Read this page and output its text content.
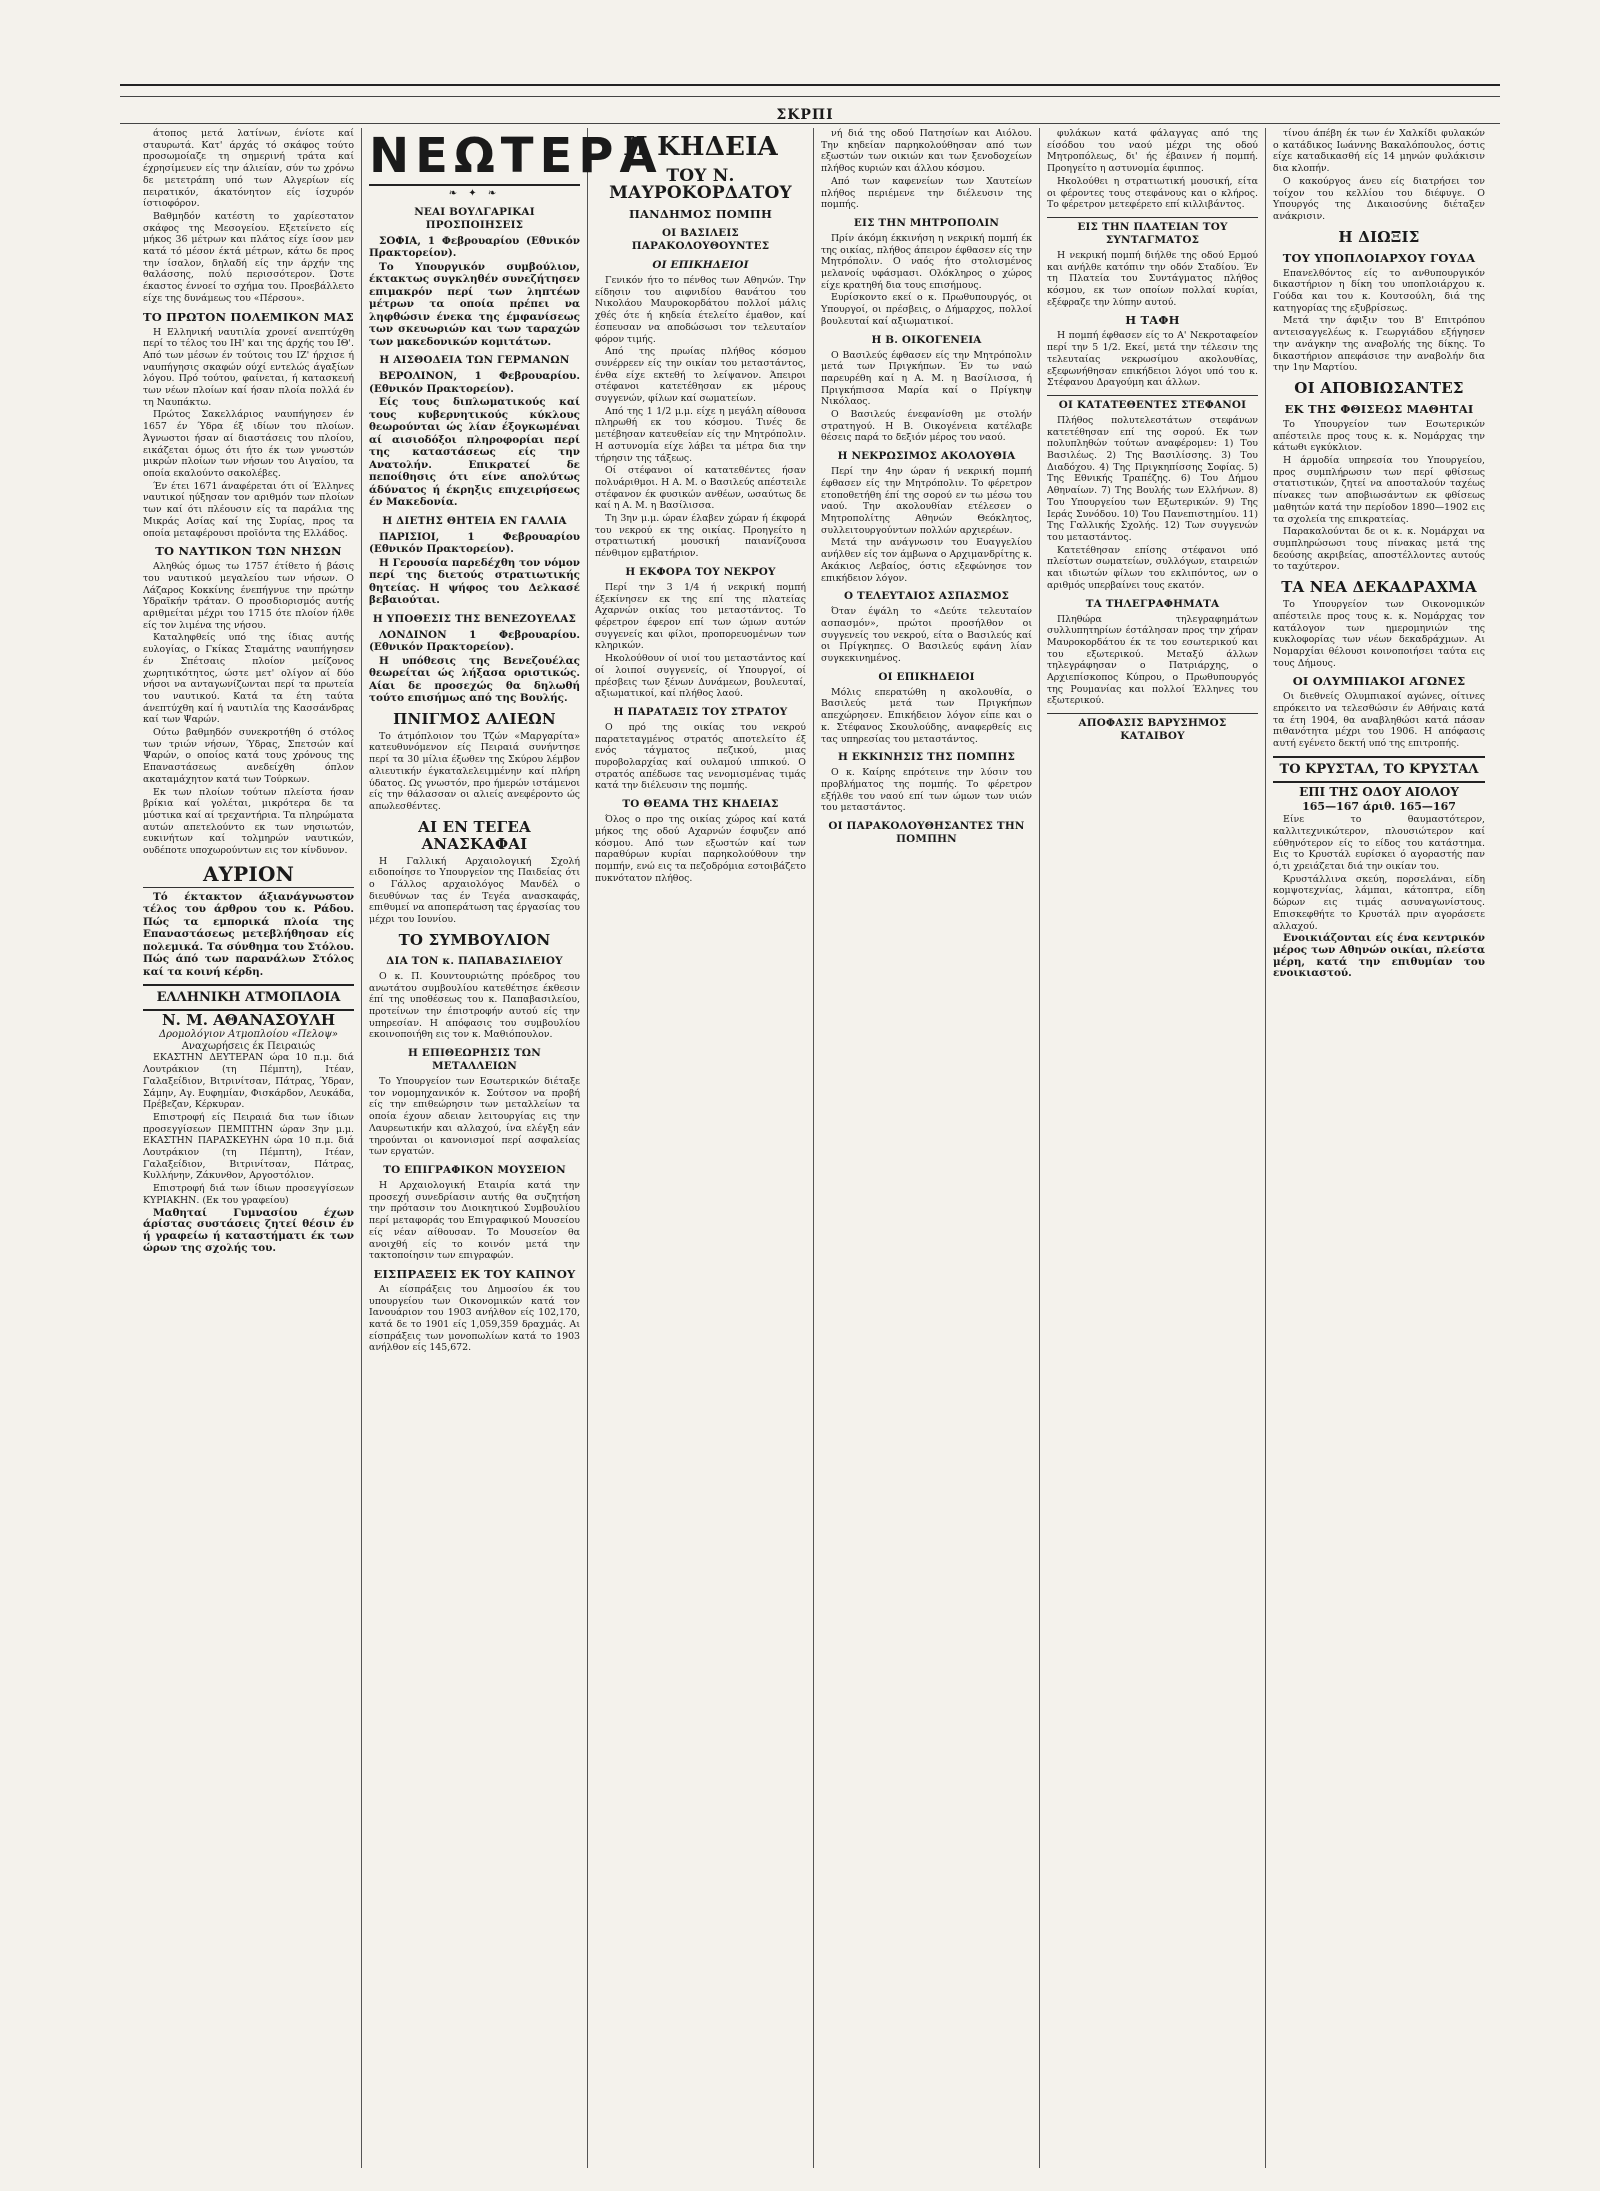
ΣΚΡΠΙ

άτοπος μετά λατίνων, ένίοτε καί σταυρωτά. Κατ' άρχάς τό σκάφος τούτο προσωμοίαζε τη σημερινή τράτα καί έχρησίμευεν είς την άλιείαν, σύν τω χρόνω δε μετετράπη υπό των Αλγερίων είς πειρατικόν, άκατόνητον είς ίσχυρόν ίστιοφόρον.

Βαθμηδόν κατέστη το χαρίεστατον σκάφος της Μεσογείου. Εξετείνετο είς μήκος 36 μέτρων και πλάτος είχε ίσον μεν κατά τό μέσον έκτά μέτρων, κάτω δε προς την ίσαλον, δηλαδή είς την άρχήν της θαλάσσης, πολύ περισσότερον. Ώστε έκαστος έννοεί το σχήμα του. Προεβάλλετο είχε της δυνάμεως του «Πέρσου».

ΤΟ ΠΡΩΤΟΝ ΠΟΛΕΜΙΚΟΝ ΜΑΣ

Η Ελληνική ναυτιλία χρονεί ανεπτύχθη περί το τέλος του ΙΗ' και της άρχής του ΙΘ'. Από των μέσων έν τούτοις του ΙΖ' ήρχισε ή ναυπήγησις σκαφών ούχί εντελώς άγαξίων λόγου. Πρό τούτου, φαίνεται, ή κατασκευή των νέων πλοίων καί ήσαν πλοία πολλά έν τη Ναυπάκτω.

Πρώτος Σακελλάριος ναυπήγησεν έν 1657 έν Ύδρα έξ ιδίων του πλοίων. Άγνωστοι ήσαν αί διαστάσεις του πλοίου, εικάζεται όμως ότι ήτο έκ των γνωστών μικρών πλοίων των νήσων του Αιγαίου, τα οποία εκαλούντο σακολέβες.

Έν έτει 1671 άναφέρεται ότι οί Έλληνες ναυτικοί ηύξησαν τον αριθμόν των πλοίων των καί ότι πλέουσιν είς τα παράλια της Μικράς Ασίας καί της Συρίας, προς τα οποία μεταφέρουσι προϊόντα της Ελλάδος.

ΤΟ ΝΑΥΤΙΚΟΝ ΤΩΝ ΝΗΣΩΝ

Αληθώς όμως τω 1757 έτίθετο ή βάσις του ναυτικού μεγαλείου των νήσων. Ο Λάζαρος Κοκκίνης ένεπήγνυε την πρώτην Υδραϊκήν τράταν. Ο προσδιορισμός αυτής αριθμείται μέχρι του 1715 ότε πλοίον ήλθε είς τον λιμένα της νήσου.

Καταληφθείς υπό της ίδιας αυτής ευλογίας, ο Γκίκας Σταμάτης ναυπήγησεν έν Σπέτσαις πλοίον μείζονος χωρητικότητος, ώστε μετ' ολίγον αί δύο νήσοι να ανταγωνίζωνται περί τα πρωτεία του ναυτικού. Κατά τα έτη ταύτα άνεπτύχθη καί ή ναυτιλία της Κασσάνδρας καί των Ψαρών.

Ούτω βαθμηδόν συνεκροτήθη ό στόλος των τριών νήσων, Ύδρας, Σπετσών καί Ψαρών, ο οποίος κατά τους χρόνους της Επαναστάσεως ανεδείχθη όπλον ακαταμάχητον κατά των Τούρκων.

Εκ των πλοίων τούτων πλείστα ήσαν βρίκια καί γολέται, μικρότερα δε τα μύστικα καί αί τρεχαντήρια. Τα πληρώματα αυτών απετελούντο εκ των νησιωτών, ευκινήτων καί τολμηρών ναυτικών, ουδέποτε υποχωρούντων εις τον κίνδυνον.

ΑΥΡΙΟΝ

Τό έκτακτον άξιανάγνωστον τέλος του άρθρου του κ. Ράδου. Πώς τα εμπορικά πλοία της Επαναστάσεως μετεβλήθησαν είς πολεμικά. Τα σύνθημα του Στόλου. Πώς άπό των παρανάλων Στόλος καί τα κοινή κέρδη.

ΕΛΛΗΝΙΚΗ ΑΤΜΟΠΛΟΙΑ
Ν. Μ. ΑΘΑΝΑΣΟΥΛΗ
Δρομολόγιον Ατμοπλοίου «Πελοψ»
Αναχωρήσεις έκ Πειραιώς

ΕΚΑΣΤΗΝ ΔΕΥΤΕΡΑΝ ώρα 10 π.μ. διά Λουτράκιον (τη Πέμπτη), Ιτέαν, Γαλαξείδιον, Βιτρινίτσαν, Πάτρας, Ύδραν, Σάμην, Αγ. Ευφημίαν, Φισκάρδον, Λευκάδα, Πρέβεζαν, Κέρκυραν.

Επιστροφή είς Πειραιά δια των ίδιων προσεγγίσεων ΠΕΜΠΤΗΝ ώραν 3ην μ.μ. ΕΚΑΣΤΗΝ ΠΑΡΑΣΚΕΥΗΝ ώρα 10 π.μ. διά Λουτράκιον (τη Πέμπτη), Ιτέαν, Γαλαξείδιον, Βιτρινίτσαν, Πάτρας, Κυλλήνην, Ζάκυνθον, Αργοστόλιον.

Επιστροφή διά των ίδιων προσεγγίσεων ΚΥΡΙΑΚΗΝ. (Εκ του γραφείου)

Μαθηταί Γυμνασίου έχων άρίστας συστάσεις ζητεί θέσιν έν ή γραφείω ή καταστήματι έκ των ώρων της σχολής του.

ΝΕΩΤΕΡΑ
❧ ✦ ❧
ΝΕΑΙ ΒΟΥΛΓΑΡΙΚΑΙ ΠΡΟΣΠΟΙΗΣΕΙΣ

ΣΟΦΙΑ, 1 Φεβρουαρίου (Εθνικόν Πρακτορείον).

Το Υπουργικόν συμβούλιον, έκτακτως συγκληθέν συνεζήτησεν επιμακρόν περί των ληπτέων μέτρων τα οποία πρέπει να ληφθώσιν ένεκα της έμφανίσεως των σκευωριών και των ταραχών των μακεδονικών κομιτάτων.

Η ΑΙΣΘΟΔΕΙΑ ΤΩΝ ΓΕΡΜΑΝΩΝ

ΒΕΡΟΛΙΝΟΝ, 1 Φεβρουαρίου. (Εθνικόν Πρακτορείον).

Είς τους διπλωματικούς καί τους κυβερνητικούς κύκλους θεωρούνται ώς λίαν έξογκωμέναι αί αισιοδόξοι πληροφορίαι περί της καταστάσεως είς την Ανατολήν. Επικρατεί δε πεποίθησις ότι είνε απολύτως άδύνατος ή έκρηξις επιχειρήσεως έν Μακεδονία.

Η ΔΙΕΤΗΣ ΘΗΤΕΙΑ ΕΝ ΓΑΛΛΙΑ

ΠΑΡΙΣΙΟΙ, 1 Φεβρουαρίου (Εθνικόν Πρακτορείον).

Η Γερουσία παρεδέχθη τον νόμον περί της διετούς στρατιωτικής θητείας. Η ψήφος του Δελκασέ βεβαιούται.

Η ΥΠΟΘΕΣΙΣ ΤΗΣ ΒΕΝΕΖΟΥΕΛΑΣ

ΛΟΝΔΙΝΟΝ 1 Φεβρουαρίου. (Εθνικόν Πρακτορείον).

Η υπόθεσις της Βενεζουέλας θεωρείται ώς λήξασα οριστικώς. Αίαι δε προσεχώς θα δηλωθή τούτο επισήμως από της Βουλής.

ΠΝΙΓΜΟΣ ΑΛΙΕΩΝ

Το άτμόπλοιον του Τζών «Μαργαρίτα» κατευθυνόμενον είς Πειραιά συνήντησε περί τα 30 μίλια έξωθεν της Σκύρου λέμβον αλιευτικήν έγκαταλελειμμένην καί πλήρη ύδατος. Ως γνωστόν, προ ήμερών ιστάμενοι είς την θάλασσαν οι αλιείς ανεφέροντο ώς απωλεσθέντες.

ΑΙ ΕΝ ΤΕΓΕΑ ΑΝΑΣΚΑΦΑΙ

Η Γαλλική Αρχαιολογική Σχολή ειδοποίησε το Υπουργείον της Παιδείας ότι ο Γάλλος αρχαιολόγος Μανδέλ ο διευθύνων τας έν Τεγέα ανασκαφάς, επιθυμεί να αποπεράτωση τας έργασίας του μέχρι του Ιουνίου.

ΤΟ ΣΥΜΒΟΥΛΙΟΝ
ΔΙΑ ΤΟΝ κ. ΠΑΠΑΒΑΣΙΛΕΙΟΥ

Ο κ. Π. Κουντουριώτης πρόεδρος του ανωτάτου συμβουλίου κατεθέτησε έκθεσιν έπί της υποθέσεως του κ. Παπαβασιλείου, προτείνων την έπιστροφήν αυτού είς την υπηρεσίαν. Η απόφασις του συμβουλίου εκοινοποιήθη εις τον κ. Μαθιόπουλον.

Η ΕΠΙΘΕΩΡΗΣΙΣ ΤΩΝ ΜΕΤΑΛΛΕΙΩΝ

Το Υπουργείον των Εσωτερικών διέταξε τον νομομηχανικόν κ. Σούτσον να προβή είς την επιθεώρησιν των μεταλλείων τα οποία έχουν αδειαν λειτουργίας εις την Λαυρεωτικήν και αλλαχού, ίνα ελέγξη εάν τηρούνται οι κανονισμοί περί ασφαλείας των εργατών.

ΤΟ ΕΠΙΓΡΑΦΙΚΟΝ ΜΟΥΣΕΙΟΝ

Η Αρχαιολογική Εταιρία κατά την προσεχή συνεδρίασιν αυτής θα συζητήση την πρότασιν του Διοικητικού Συμβουλίου περί μεταφοράς του Επιγραφικού Μουσείου είς νέαν αίθουσαν. Το Μουσείον θα ανοιχθή είς το κοινόν μετά την τακτοποίησιν των επιγραφών.

ΕΙΣΠΡΑΞΕΙΣ ΕΚ ΤΟΥ ΚΑΠΝΟΥ

Αι είσπράξεις του Δημοσίου έκ του υπουργείου των Οικονομικών κατά τον Ιανουάριον του 1903 ανήλθον είς 102,170, κατά δε το 1901 είς 1,059,359 δραχμάς. Αι είσπράξεις των μονοπωλίων κατά το 1903 ανήλθον είς 145,672.

Η ΚΗΔΕΙΑ
ΤΟΥ Ν. ΜΑΥΡΟΚΟΡΔΑΤΟΥ
ΠΑΝΔΗΜΟΣ ΠΟΜΠΗ
ΟΙ ΒΑΣΙΛΕΙΣ ΠΑΡΑΚΟΛΟΥΘΟΥΝΤΕΣ
ΟΙ ΕΠΙΚΗΔΕΙΟΙ

Γενικόν ήτο το πένθος των Αθηνών. Την είδησιν του αιφνιδίου θανάτου του Νικολάου Μαυροκορδάτου πολλοί μάλις χθές ότε ή κηδεία έτελείτο έμαθον, καί έσπευσαν να αποδώσωσι τον τελευταίον φόρον τιμής.

Από της πρωίας πλήθος κόσμου συνέρρεεν είς την οικίαν του μεταστάντος, ένθα είχε εκτεθή το λείψανον. Άπειροι στέφανοι κατετέθησαν εκ μέρους συγγενών, φίλων καί σωματείων.

Από της 1 1/2 μ.μ. είχε η μεγάλη αίθουσα πληρωθή εκ του κόσμου. Τινές δε μετέβησαν κατευθείαν είς την Μητρόπολιν. Η αστυνομία είχε λάβει τα μέτρα δια την τήρησιν της τάξεως.

Οί στέφανοι οί κατατεθέντες ήσαν πολυάριθμοι. Η Α. Μ. ο Βασιλεύς απέστειλε στέφανον έκ φυσικών ανθέων, ωσαύτως δε καί η Α. Μ. η Βασίλισσα.

Τη 3ην μ.μ. ώραν έλαβεν χώραν ή έκφορά του νεκρού εκ της οικίας. Προηγείτο η στρατιωτική μουσική παιανίζουσα πένθιμον εμβατήριον.

Η ΕΚΦΟΡΑ ΤΟΥ ΝΕΚΡΟΥ

Περί την 3 1/4 ή νεκρική πομπή έξεκίνησεν εκ της επί της πλατείας Αχαρνών οικίας του μεταστάντος. Το φέρετρον έφερον επί των ώμων αυτών συγγενείς και φίλοι, προπορευομένων των κληρικών.

Ηκολούθουν οί υιοί του μεταστάντος καί οί λοιποί συγγενείς, οί Υπουργοί, οί πρέσβεις των ξένων Δυνάμεων, βουλευταί, αξιωματικοί, καί πλήθος λαού.

Η ΠΑΡΑΤΑΞΙΣ ΤΟΥ ΣΤΡΑΤΟΥ

Ο πρό της οικίας του νεκρού παρατεταγμένος στρατός αποτελείτο έξ ενός τάγματος πεζικού, μιας πυροβολαρχίας καί ουλαμού ιππικού. Ο στρατός απέδωσε τας νενομισμένας τιμάς κατά την διέλευσιν της πομπής.

ΤΟ ΘΕΑΜΑ ΤΗΣ ΚΗΔΕΙΑΣ

Όλος ο προ της οικίας χώρος καί κατά μήκος της οδού Αχαρνών έσφυζεν από κόσμου. Από των εξωστών καί των παραθύρων κυρίαι παρηκολούθουν την πομπήν, ενώ εις τα πεζοδρόμια εστοιβάζετο πυκνότατον πλήθος.

νή διά της οδού Πατησίων και Αιόλου. Την κηδείαν παρηκολούθησαν από των εξωστών των οικιών και των ξενοδοχείων πλήθος κυριών και άλλου κόσμου.

Από των καφενείων των Χαυτείων πλήθος περιέμενε την διέλευσιν της πομπής.

ΕΙΣ ΤΗΝ ΜΗΤΡΟΠΟΛΙΝ

Πρίν άκόμη έκκινήση η νεκρική πομπή έκ της οικίας, πλήθος άπειρον έφθασεν είς την Μητρόπολιν. Ο ναός ήτο στολισμένος μελανοίς υφάσμασι. Ολόκληρος ο χώρος είχε κρατηθή δια τους επισήμους.

Ευρίσκοντο εκεί ο κ. Πρωθυπουργός, οι Υπουργοί, οι πρέσβεις, ο Δήμαρχος, πολλοί βουλευταί καί αξιωματικοί.

Η Β. ΟΙΚΟΓΕΝΕΙΑ

Ο Βασιλεύς έφθασεν είς την Μητρόπολιν μετά των Πριγκήπων. Έν τω ναώ παρευρέθη καί η Α. Μ. η Βασίλισσα, ή Πριγκήπισσα Μαρία καί ο Πρίγκηψ Νικόλαος.

Ο Βασιλεύς ένεφανίσθη με στολήν στρατηγού. Η Β. Οικογένεια κατέλαβε θέσεις παρά το δεξιόν μέρος του ναού.

Η ΝΕΚΡΩΣΙΜΟΣ ΑΚΟΛΟΥΘΙΑ

Περί την 4ην ώραν ή νεκρική πομπή έφθασεν είς την Μητρόπολιν. Το φέρετρον ετοποθετήθη έπί της σορού εν τω μέσω του ναού. Την ακολουθίαν ετέλεσεν ο Μητροπολίτης Αθηνών Θεόκλητος, συλλειτουργούντων πολλών αρχιερέων.

Μετά την ανάγνωσιν του Ευαγγελίου ανήλθεν είς τον άμβωνα ο Αρχιμανδρίτης κ. Ακάκιος Λεβαίος, όστις εξεφώνησε τον επικήδειον λόγον.

Ο ΤΕΛΕΥΤΑΙΟΣ ΑΣΠΑΣΜΟΣ

Όταν έψάλη το «Δεύτε τελευταίον ασπασμόν», πρώτοι προσήλθον οι συγγενείς του νεκρού, είτα ο Βασιλεύς καί οι Πρίγκηπες. Ο Βασιλεύς εφάνη λίαν συγκεκινημένος.

ΟΙ ΕΠΙΚΗΔΕΙΟΙ

Μόλις επερατώθη η ακολουθία, ο Βασιλεύς μετά των Πριγκήπων απεχώρησεν. Επικήδειον λόγον είπε και ο κ. Στέφανος Σκουλούδης, αναφερθείς εις τας υπηρεσίας του μεταστάντος.

Η ΕΚΚΙΝΗΣΙΣ ΤΗΣ ΠΟΜΠΗΣ

Ο κ. Καίρης επρότεινε την λύσιν του προβλήματος της πομπής. Το φέρετρον εξήλθε του ναού επί των ώμων των υιών του μεταστάντος.

ΟΙ ΠΑΡΑΚΟΛΟΥΘΗΣΑΝΤΕΣ ΤΗΝ ΠΟΜΠΗΝ

φυλάκων κατά φάλαγγας από της είσόδου του ναού μέχρι της οδού Μητροπόλεως, δι' ής έβαινεν ή πομπή. Προηγείτο η αστυνομία έφιππος.

Ηκολούθει η στρατιωτική μουσική, είτα οι φέροντες τους στεφάνους και ο κλήρος. Το φέρετρον μετεφέρετο επί κιλλιβάντος.

ΕΙΣ ΤΗΝ ΠΛΑΤΕΙΑΝ ΤΟΥ ΣΥΝΤΑΓΜΑΤΟΣ

Η νεκρική πομπή διήλθε της οδού Ερμού και ανήλθε κατόπιν την οδόν Σταδίου. Έν τη Πλατεία του Συντάγματος πλήθος κόσμου, εκ των οποίων πολλαί κυρίαι, εξέφραζε την λύπην αυτού.

Η ΤΑΦΗ

Η πομπή έφθασεν είς το Α' Νεκροταφείον περί την 5 1/2. Εκεί, μετά την τέλεσιν της τελευταίας νεκρωσίμου ακολουθίας, εξεφωνήθησαν επικήδειοι λόγοι υπό του κ. Στέφανου Δραγούμη και άλλων.

ΟΙ ΚΑΤΑΤΕΘΕΝΤΕΣ ΣΤΕΦΑΝΟΙ

Πλήθος πολυτελεστάτων στεφάνων κατετέθησαν επί της σορού. Εκ των πολυπληθών τούτων αναφέρομεν: 1) Του Βασιλέως. 2) Της Βασιλίσσης. 3) Του Διαδόχου. 4) Της Πριγκηπίσσης Σοφίας. 5) Της Εθνικής Τραπέζης. 6) Του Δήμου Αθηναίων. 7) Της Βουλής των Ελλήνων. 8) Του Υπουργείου των Εξωτερικών. 9) Της Ιεράς Συνόδου. 10) Του Πανεπιστημίου. 11) Της Γαλλικής Σχολής. 12) Των συγγενών του μεταστάντος.

Κατετέθησαν επίσης στέφανοι υπό πλείστων σωματείων, συλλόγων, εταιρειών και ιδιωτών φίλων του εκλιπόντος, ων ο αριθμός υπερβαίνει τους εκατόν.

ΤΑ ΤΗΛΕΓΡΑΦΗΜΑΤΑ

Πληθώρα τηλεγραφημάτων συλλυπητηρίων έστάλησαν προς την χήραν Μαυροκορδάτου έκ τε του εσωτερικού και του εξωτερικού. Μεταξύ άλλων τηλεγράφησαν ο Πατριάρχης, ο Αρχιεπίσκοπος Κύπρου, ο Πρωθυπουργός της Ρουμανίας και πολλοί Έλληνες του εξωτερικού.

ΑΠΟΦΑΣΙΣ ΒΑΡΥΣΗΜΟΣ ΚΑΤΑΙΒΟΥ

τίνου άπέβη έκ των έν Χαλκίδι φυλακών ο κατάδικος Ιωάννης Βακαλόπουλος, όστις είχε καταδικασθή είς 14 μηνών φυλάκισιν δια κλοπήν.

Ο κακούργος άνευ είς διατρήσει τον τοίχον του κελλίου του διέφυγε. Ο Υπουργός της Δικαιοσύνης διέταξεν ανάκρισιν.

Η ΔΙΩΞΙΣ
ΤΟΥ ΥΠΟΠΛΟΙΑΡΧΟΥ ΓΟΥΔΑ

Επανελθόντος είς το ανθυπουργικόν δικαστήριον η δίκη του υποπλοιάρχου κ. Γούδα και του κ. Κουτσούλη, διά της κατηγορίας της εξυβρίσεως.

Μετά την άφιξιν του Β' Επιτρόπου αντεισαγγελέως κ. Γεωργιάδου εξήγησεν την ανάγκην της αναβολής της δίκης. Το δικαστήριον απεφάσισε την αναβολήν δια την 1ην Μαρτίου.

ΟΙ ΑΠΟΒΙΩΣΑΝΤΕΣ
ΕΚ ΤΗΣ ΦΘΙΣΕΩΣ ΜΑΘΗΤΑΙ

Το Υπουργείον των Εσωτερικών απέστειλε προς τους κ. κ. Νομάρχας την κάτωθι εγκύκλιον.

Η άρμοδία υπηρεσία του Υπουργείου, προς συμπλήρωσιν των περί φθίσεως στατιστικών, ζητεί να αποσταλούν ταχέως πίνακες των αποβιωσάντων εκ φθίσεως μαθητών κατά την περίοδον 1890—1902 εις τα σχολεία της επικρατείας.

Παρακαλούνται δε οι κ. κ. Νομάρχαι να συμπληρώσωσι τους πίνακας μετά της δεούσης ακριβείας, αποστέλλοντες αυτούς το ταχύτερον.

ΤΑ ΝΕΑ ΔΕΚΑΔΡΑΧΜΑ

Το Υπουργείον των Οικονομικών απέστειλε προς τους κ. κ. Νομάρχας τον κατάλογον των ημερομηνιών της κυκλοφορίας των νέων δεκαδράχμων. Αι Νομαρχίαι θέλουσι κοινοποιήσει ταύτα εις τους Δήμους.

ΟΙ ΟΛΥΜΠΙΑΚΟΙ ΑΓΩΝΕΣ

Οι διεθνείς Ολυμπιακοί αγώνες, οίτινες επρόκειτο να τελεσθώσιν έν Αθήναις κατά τα έτη 1904, θα αναβληθώσι κατά πάσαν πιθανότητα μέχρι του 1906. Η απόφασις αυτή εγένετο δεκτή υπό της επιτροπής.

ΤΟ ΚΡΥΣΤΑΛ, ΤΟ ΚΡΥΣΤΑΛ
ΕΠΙ ΤΗΣ ΟΔΟΥ ΑΙΟΛΟΥ
165—167 άριθ. 165—167

Είνε το θαυμαστότερον, καλλιτεχνικώτερον, πλουσιώτερον καί εύθηνότερον είς το είδος του κατάστημα. Εις το Κρυστάλ ευρίσκει ό αγοραστής παν ό,τι χρειάζεται διά την οικίαν του.

Κρυστάλλινα σκεύη, πορσελάναι, είδη κομψοτεχνίας, λάμπαι, κάτοπτρα, είδη δώρων εις τιμάς ασυναγωνίστους. Επισκεφθήτε το Κρυστάλ πριν αγοράσετε αλλαχού.

Ενοικιάζονται είς ένα κεντρικόν μέρος των Αθηνών οικίαι, πλείστα μέρη, κατά την επιθυμίαν του ενοικιαστού.
